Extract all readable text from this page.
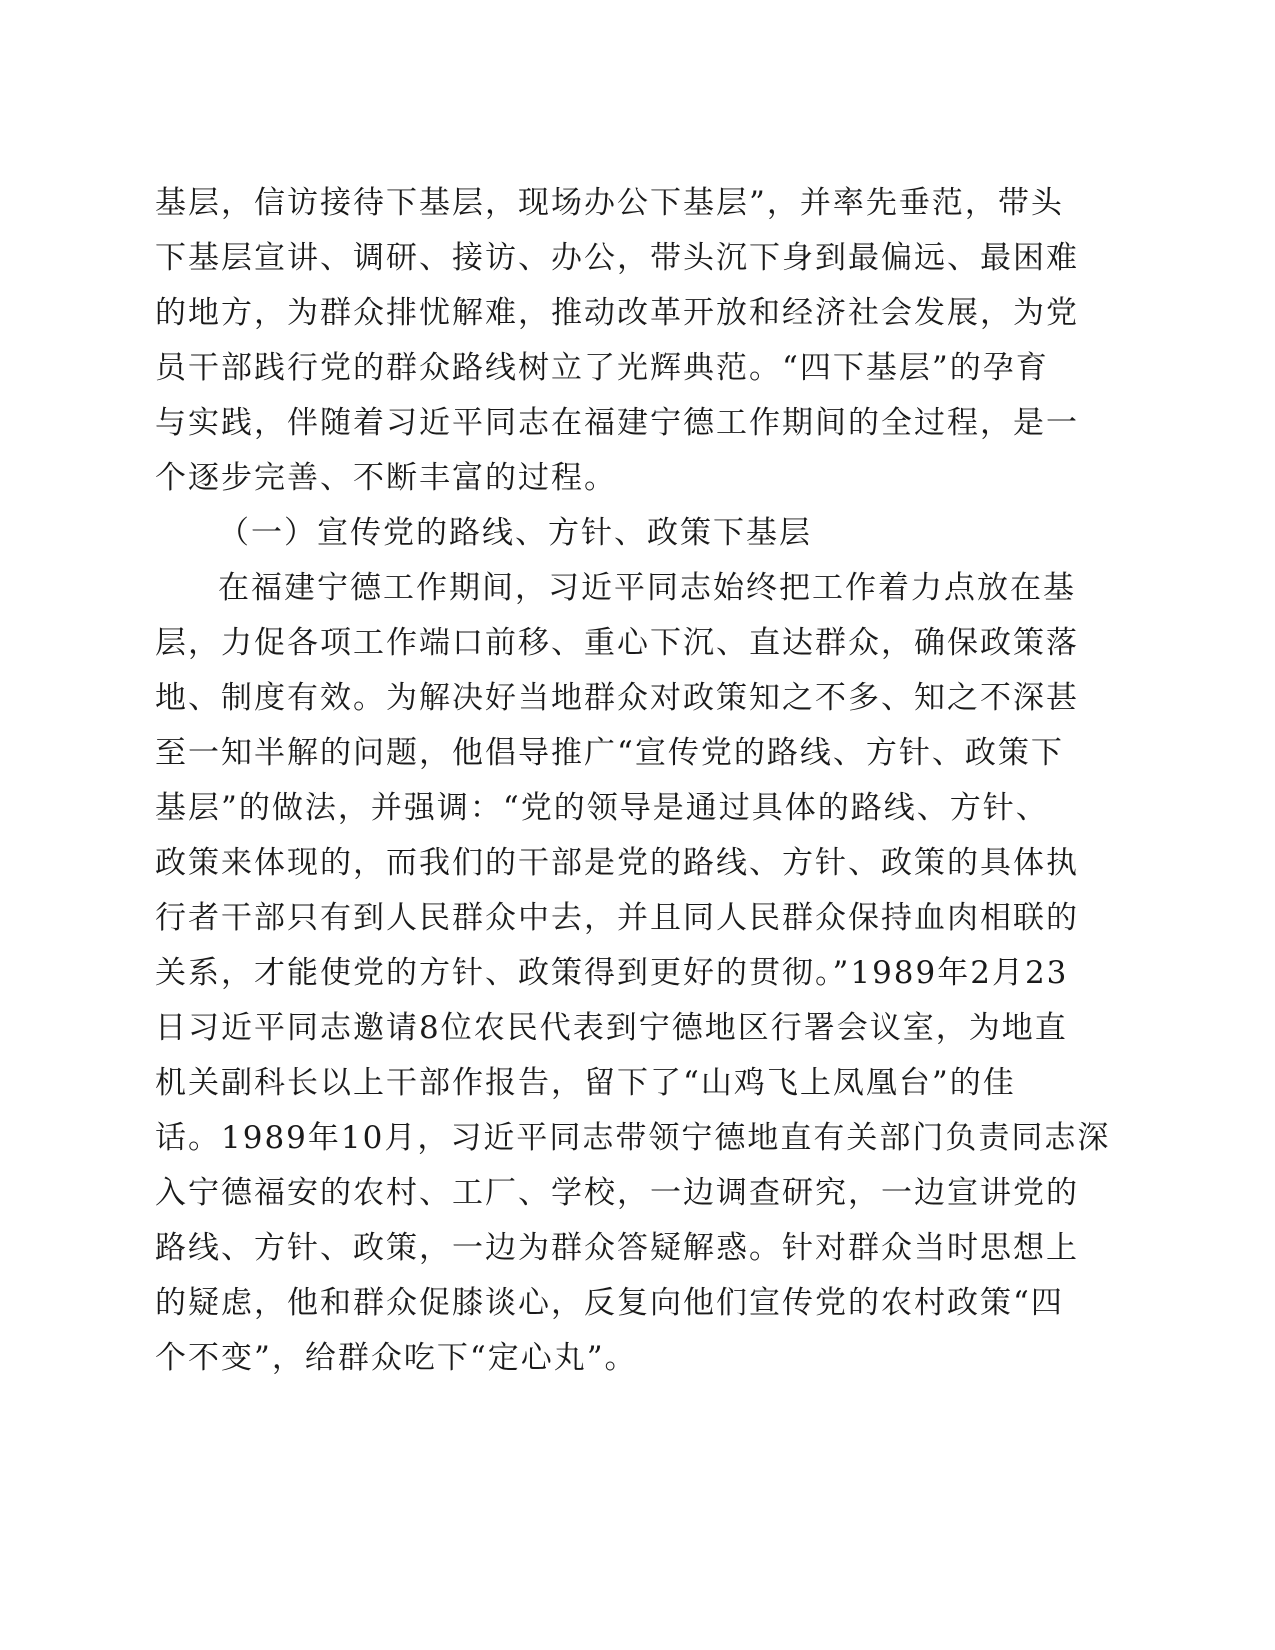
基层，信访接待下基层，现场办公下基层”，并率先垂范，带头
下基层宣讲、调研、接访、办公，带头沉下身到最偏远、最困难
的地方，为群众排忧解难，推动改革开放和经济社会发展，为党
员干部践行党的群众路线树立了光辉典范。“四下基层”的孕育
与实践，伴随着习近平同志在福建宁德工作期间的全过程，是一
个逐步完善、不断丰富的过程。
（一）宣传党的路线、方针、政策下基层
在福建宁德工作期间，习近平同志始终把工作着力点放在基
层，力促各项工作端口前移、重心下沉、直达群众，确保政策落
地、制度有效。为解决好当地群众对政策知之不多、知之不深甚
至一知半解的问题，他倡导推广“宣传党的路线、方针、政策下
基层”的做法，并强调：“党的领导是通过具体的路线、方针、
政策来体现的，而我们的干部是党的路线、方针、政策的具体执
行者干部只有到人民群众中去，并且同人民群众保持血肉相联的
关系，才能使党的方针、政策得到更好的贯彻。”1989年2月23
日习近平同志邀请8位农民代表到宁德地区行署会议室，为地直
机关副科长以上干部作报告，留下了“山鸡飞上凤凰台”的佳
话。1989年10月，习近平同志带领宁德地直有关部门负责同志深
入宁德福安的农村、工厂、学校，一边调查研究，一边宣讲党的
路线、方针、政策，一边为群众答疑解惑。针对群众当时思想上
的疑虑，他和群众促膝谈心，反复向他们宣传党的农村政策“四
个不变”，给群众吃下“定心丸”。
